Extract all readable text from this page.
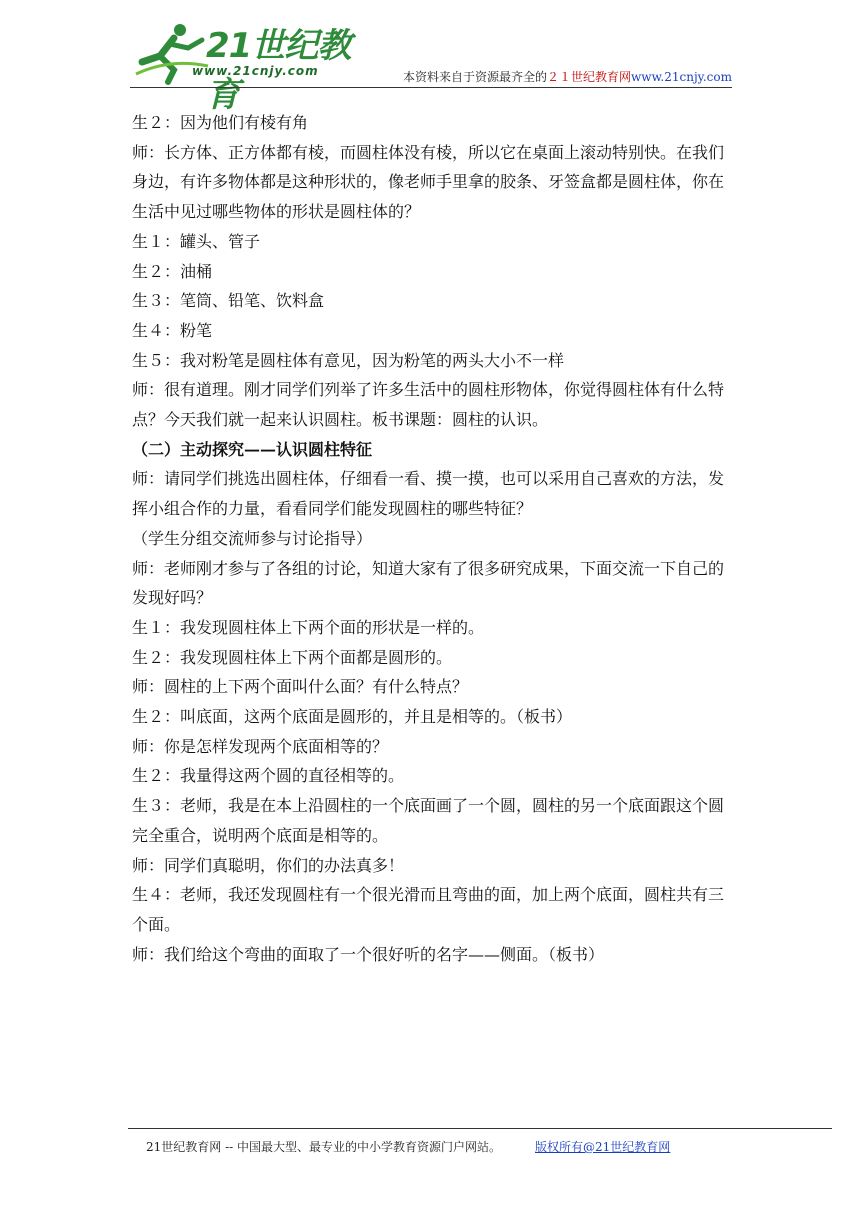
21世纪教育
www.21cnjy.com	本资料来自于资源最齐全的２１世纪教育网www.21cnjy.com

生２：因为他们有棱有角

师：长方体、正方体都有棱，而圆柱体没有棱，所以它在桌面上滚动特别快。在我们身边，有许多物体都是这种形状的，像老师手里拿的胶条、牙签盒都是圆柱体，你在生活中见过哪些物体的形状是圆柱体的？

生１：罐头、管子

生２：油桶

生３：笔筒、铅笔、饮料盒

生４：粉笔

生５：我对粉笔是圆柱体有意见，因为粉笔的两头大小不一样

师：很有道理。刚才同学们列举了许多生活中的圆柱形物体，你觉得圆柱体有什么特点？今天我们就一起来认识圆柱。板书课题：圆柱的认识。

（二）主动探究——认识圆柱特征

师：请同学们挑选出圆柱体，仔细看一看、摸一摸，也可以采用自己喜欢的方法，发挥小组合作的力量，看看同学们能发现圆柱的哪些特征？

（学生分组交流师参与讨论指导）

师：老师刚才参与了各组的讨论，知道大家有了很多研究成果，下面交流一下自己的发现好吗？

生１：我发现圆柱体上下两个面的形状是一样的。

生２：我发现圆柱体上下两个面都是圆形的。

师：圆柱的上下两个面叫什么面？有什么特点？

生２：叫底面，这两个底面是圆形的，并且是相等的。（板书）

师：你是怎样发现两个底面相等的？

生２：我量得这两个圆的直径相等的。

生３：老师，我是在本上沿圆柱的一个底面画了一个圆，圆柱的另一个底面跟这个圆完全重合，说明两个底面是相等的。

师：同学们真聪明，你们的办法真多！

生４：老师，我还发现圆柱有一个很光滑而且弯曲的面，加上两个底面，圆柱共有三个面。

师：我们给这个弯曲的面取了一个很好听的名字——侧面。（板书）

21世纪教育网 -- 中国最大型、最专业的中小学教育资源门户网站。	版权所有@21世纪教育网
